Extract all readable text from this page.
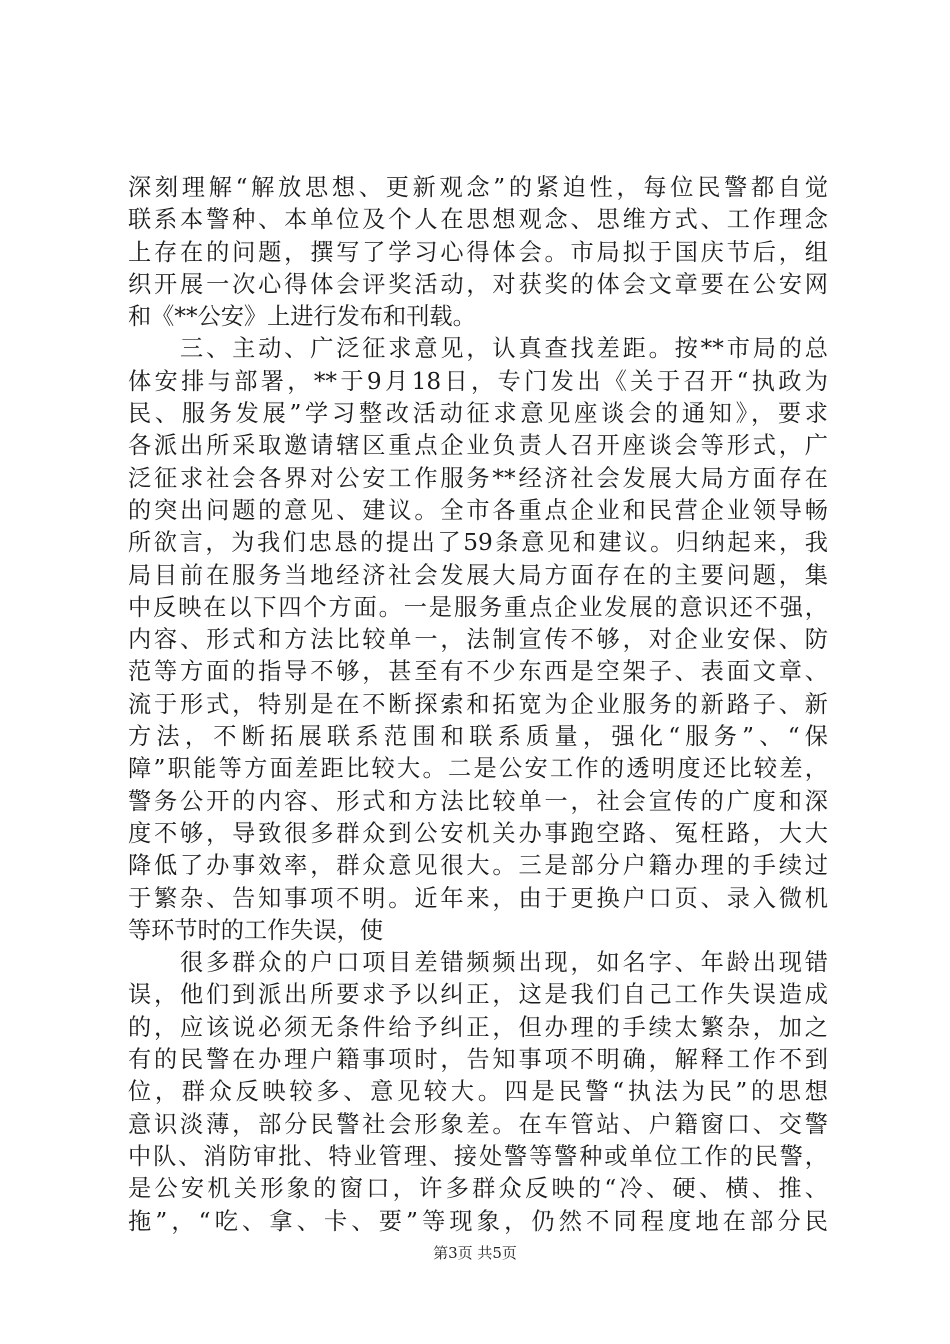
深刻理解“解放思想、更新观念”的紧迫性，每位民警都自觉
联系本警种、本单位及个人在思想观念、思维方式、工作理念
上存在的问题，撰写了学习心得体会。市局拟于国庆节后，组
织开展一次心得体会评奖活动，对获奖的体会文章要在公安网
和《**公安》上进行发布和刊载。
　　三、主动、广泛征求意见，认真查找差距。按**市局的总
体安排与部署，**于9月18日，专门发出《关于召开“执政为
民、服务发展”学习整改活动征求意见座谈会的通知》，要求
各派出所采取邀请辖区重点企业负责人召开座谈会等形式，广
泛征求社会各界对公安工作服务**经济社会发展大局方面存在
的突出问题的意见、建议。全市各重点企业和民营企业领导畅
所欲言，为我们忠恳的提出了59条意见和建议。归纳起来，我
局目前在服务当地经济社会发展大局方面存在的主要问题，集
中反映在以下四个方面。一是服务重点企业发展的意识还不强，
内容、形式和方法比较单一，法制宣传不够，对企业安保、防
范等方面的指导不够，甚至有不少东西是空架子、表面文章、
流于形式，特别是在不断探索和拓宽为企业服务的新路子、新
方法，不断拓展联系范围和联系质量，强化“服务”、“保
障”职能等方面差距比较大。二是公安工作的透明度还比较差，
警务公开的内容、形式和方法比较单一，社会宣传的广度和深
度不够，导致很多群众到公安机关办事跑空路、冤枉路，大大
降低了办事效率，群众意见很大。三是部分户籍办理的手续过
于繁杂、告知事项不明。近年来，由于更换户口页、录入微机
等环节时的工作失误，使
　　很多群众的户口项目差错频频出现，如名字、年龄出现错
误，他们到派出所要求予以纠正，这是我们自己工作失误造成
的，应该说必须无条件给予纠正，但办理的手续太繁杂，加之
有的民警在办理户籍事项时，告知事项不明确，解释工作不到
位，群众反映较多、意见较大。四是民警“执法为民”的思想
意识淡薄，部分民警社会形象差。在车管站、户籍窗口、交警
中队、消防审批、特业管理、接处警等警种或单位工作的民警，
是公安机关形象的窗口，许多群众反映的“冷、硬、横、推、
拖”，“吃、拿、卡、要”等现象，仍然不同程度地在部分民
第3页 共5页
